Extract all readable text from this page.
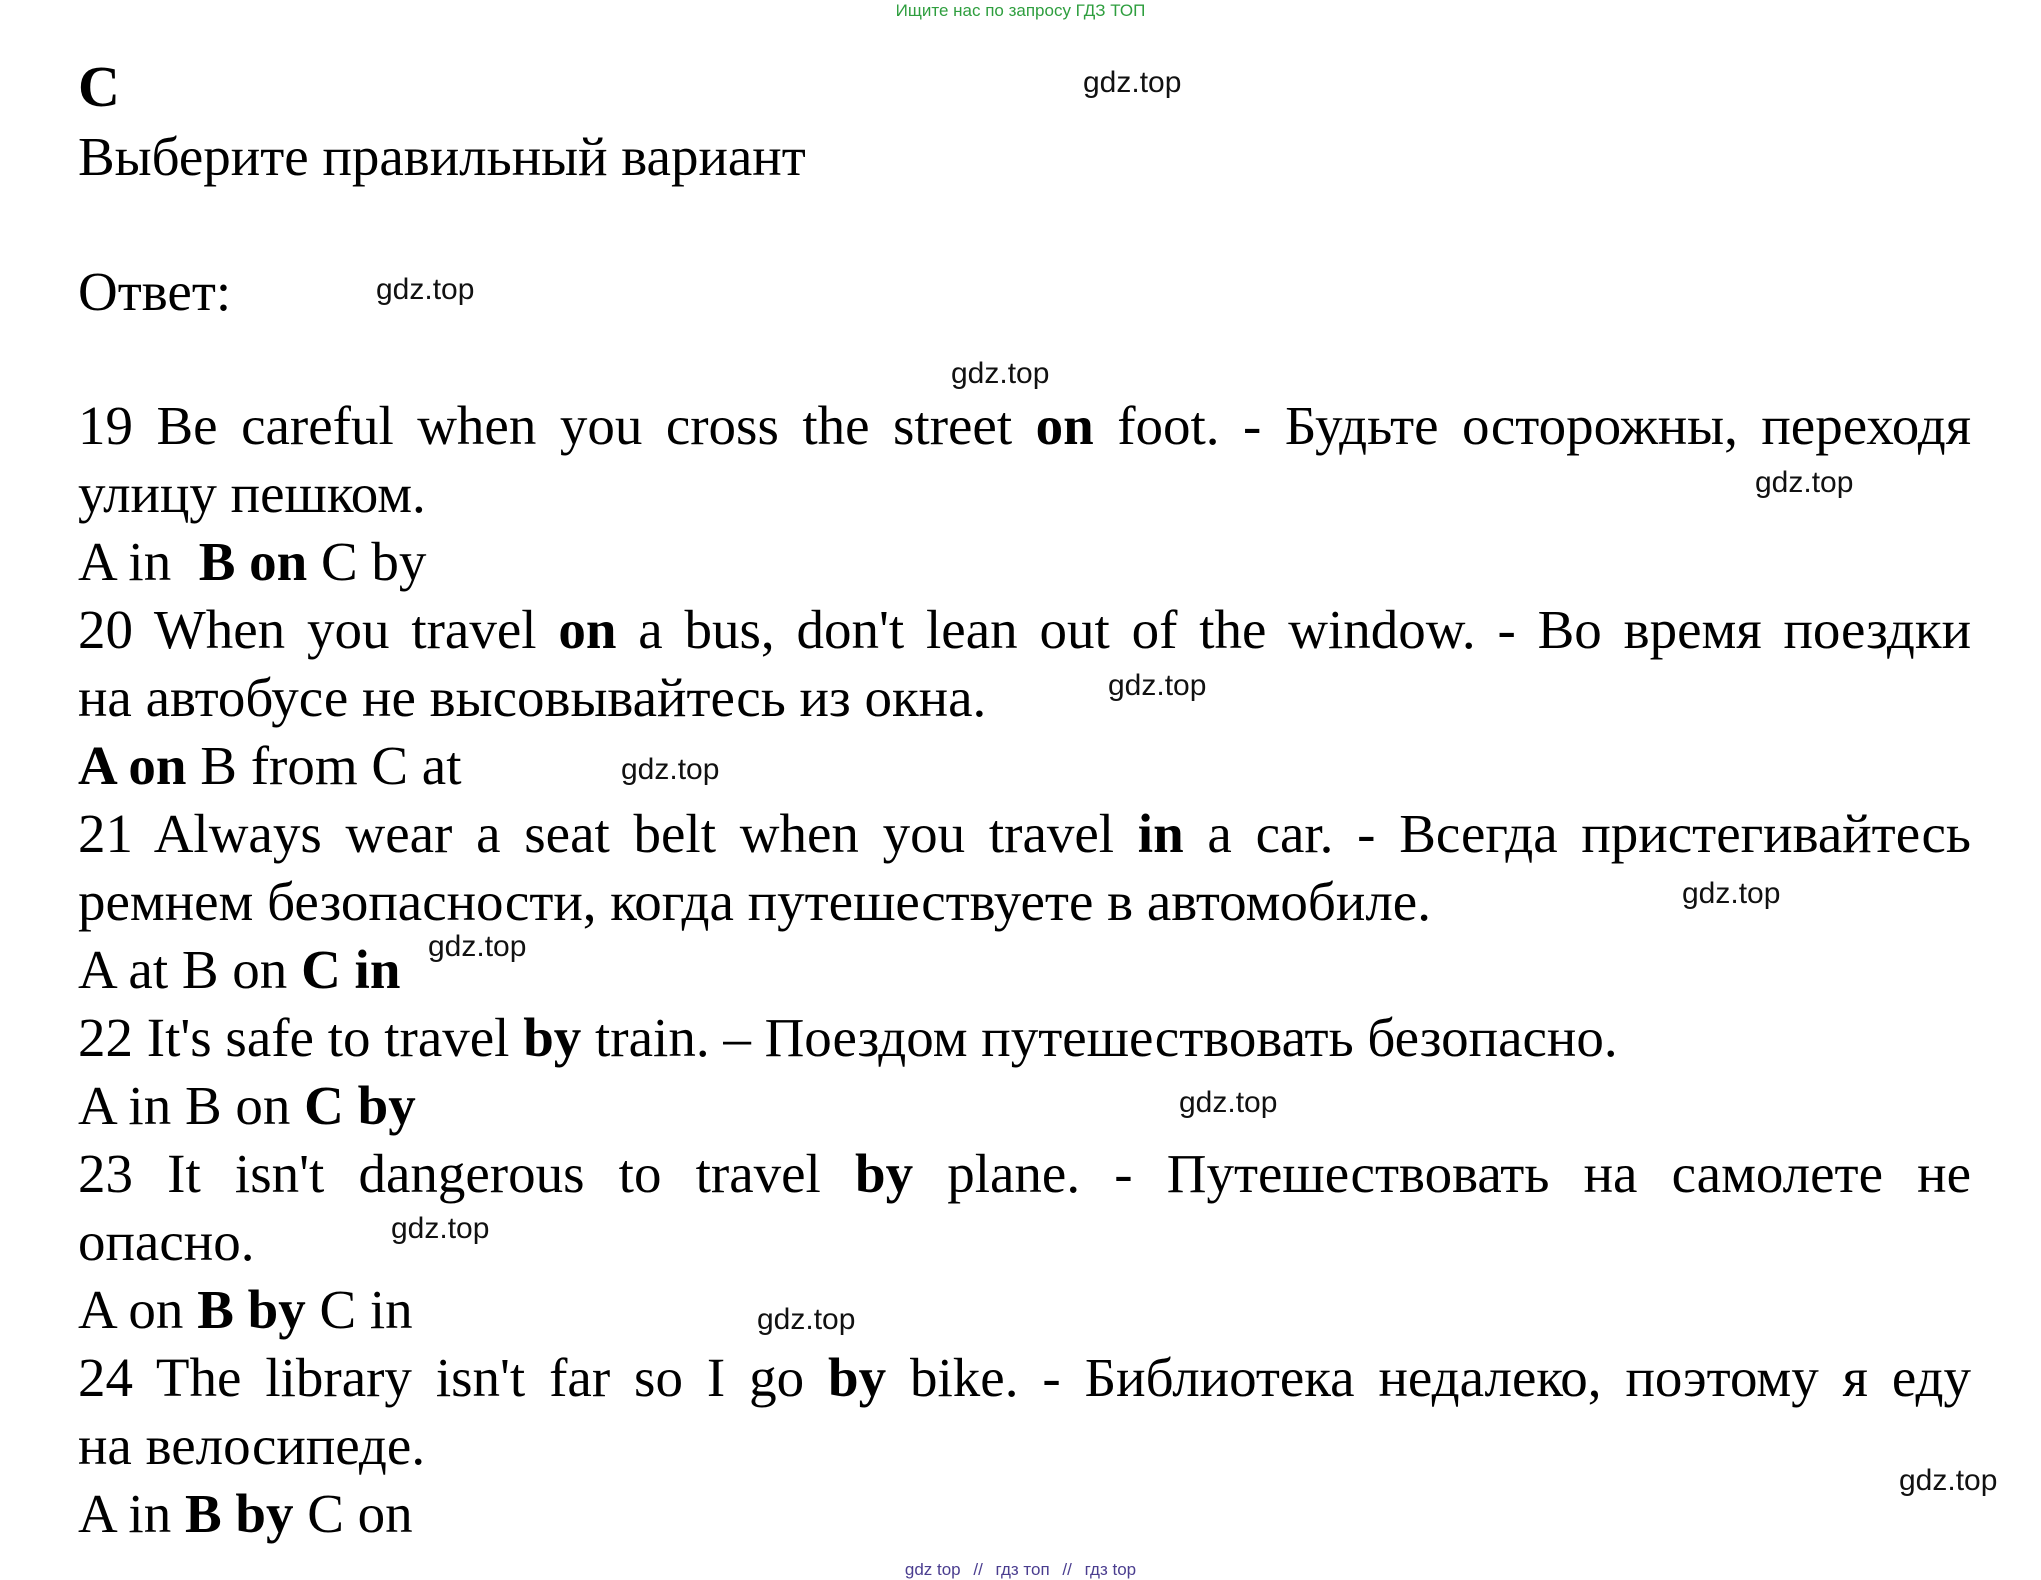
Ищите нас по запросу ГДЗ ТОП
C
Выберите правильный вариант
Ответ:
19 Be careful when you cross the street on foot. - Будьте осторожны, переходя
улицу пешком.
A in  B on C by
20 When you travel on a bus, don't lean out of the window. - Во время поездки
на автобусе не высовывайтесь из окна.
A on B from C at
21 Always wear a seat belt when you travel in a car. - Всегда пристегивайтесь
ремнем безопасности, когда путешествуете в автомобиле.
A at B on C in
22 It's safe to travel by train. – Поездом путешествовать безопасно.
A in B on C by
23 It isn't dangerous to travel by plane. - Путешествовать на самолете не
опасно.
A on B by C in
24 The library isn't far so I go by bike. - Библиотека недалеко, поэтому я еду
на велосипеде.
A in B by C on
gdz.top
gdz.top
gdz.top
gdz.top
gdz.top
gdz.top
gdz.top
gdz.top
gdz.top
gdz.top
gdz.top
gdz.top
gdz top // гдз топ // гдз top
